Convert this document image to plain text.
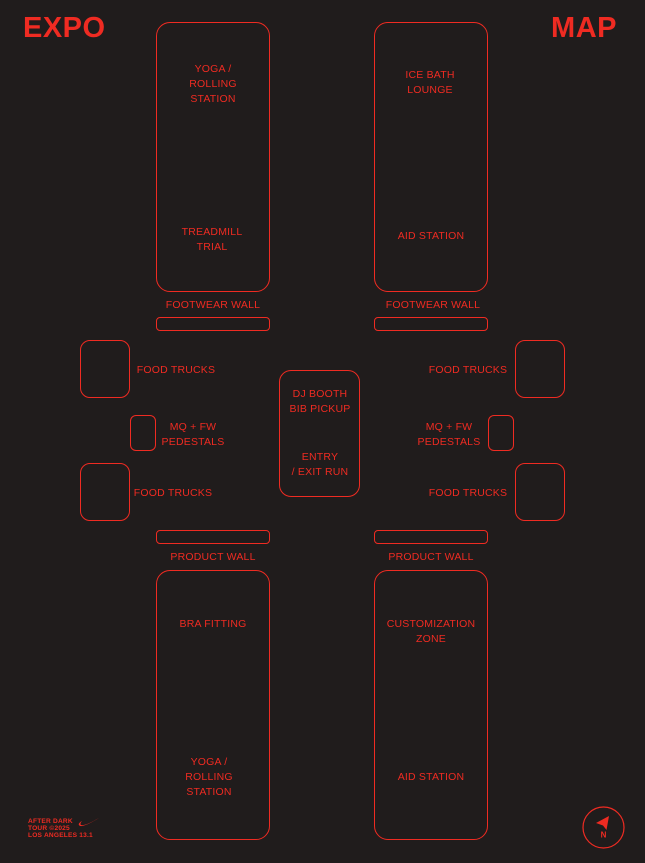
EXPO	MAP
YOGA /
ROLLING
STATION
TREADMILL
TRIAL
ICE BATH
LOUNGE
AID STATION
FOOTWEAR WALL	FOOTWEAR WALL
FOOD TRUCKS	FOOD TRUCKS
DJ BOOTH
BIB PICKUP
ENTRY
/ EXIT RUN
MQ + FW
PEDESTALS
MQ + FW
PEDESTALS
FOOD TRUCKS	FOOD TRUCKS
PRODUCT WALL	PRODUCT WALL
BRA FITTING
YOGA /
ROLLING
STATION
CUSTOMIZATION
ZONE
AID STATION
AFTER DARK
TOUR ©2025
LOS ANGELES 13.1	N
